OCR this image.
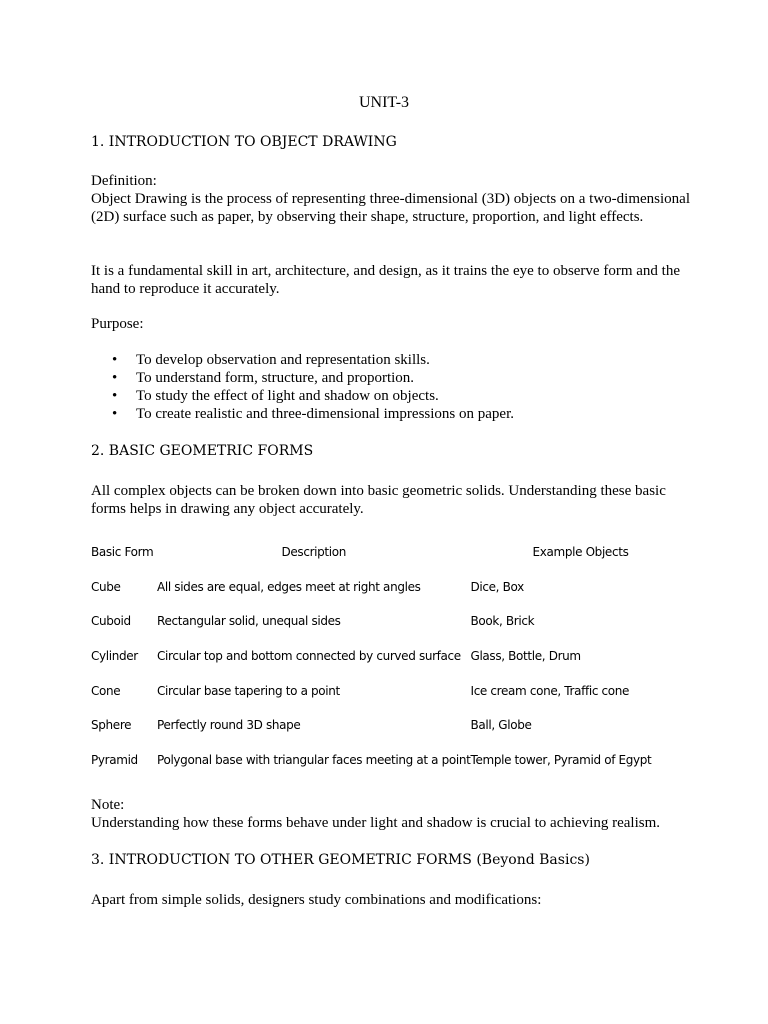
UNIT-3
1. INTRODUCTION TO OBJECT DRAWING
Definition:
Object Drawing is the process of representing three-dimensional (3D) objects on a two-dimensional (2D) surface such as paper, by observing their shape, structure, proportion, and light effects.
It is a fundamental skill in art, architecture, and design, as it trains the eye to observe form and the hand to reproduce it accurately.
Purpose:
• To develop observation and representation skills.
• To understand form, structure, and proportion.
• To study the effect of light and shadow on objects.
• To create realistic and three-dimensional impressions on paper.
2. BASIC GEOMETRIC FORMS
All complex objects can be broken down into basic geometric solids. Understanding these basic forms helps in drawing any object accurately.
Basic Form	Description	Example Objects
Cube	All sides are equal, edges meet at right angles	Dice, Box
Cuboid	Rectangular solid, unequal sides	Book, Brick
Cylinder	Circular top and bottom connected by curved surface	Glass, Bottle, Drum
Cone	Circular base tapering to a point	Ice cream cone, Traffic cone
Sphere	Perfectly round 3D shape	Ball, Globe
Pyramid	Polygonal base with triangular faces meeting at a point	Temple tower, Pyramid of Egypt
Note:
Understanding how these forms behave under light and shadow is crucial to achieving realism.
3. INTRODUCTION TO OTHER GEOMETRIC FORMS (Beyond Basics)
Apart from simple solids, designers study combinations and modifications:
